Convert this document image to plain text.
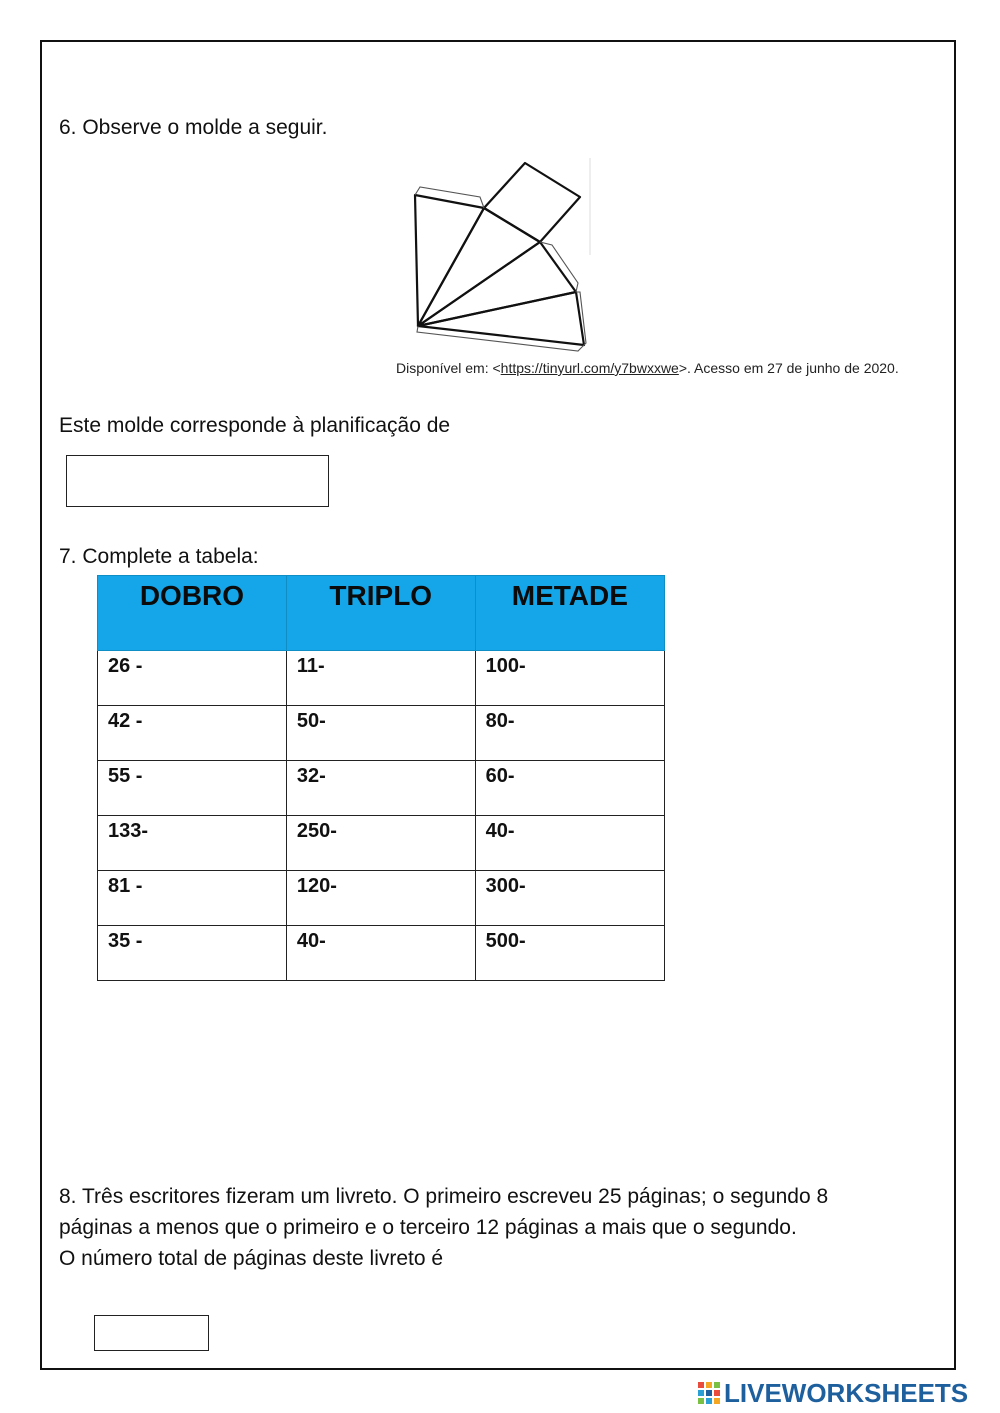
6. Observe o molde a seguir.

Disponível em: <https://tinyurl.com/y7bwxxwe>. Acesso em 27 de junho de 2020.

Este molde corresponde à planificação de

7. Complete a tabela:

DOBRO	TRIPLO	METADE
26 -	11-	100-
42 -	50-	80-
55 -	32-	60-
133-	250-	40-
81 -	120-	300-
35 -	40-	500-
8. Três escritores fizeram um livreto. O primeiro escreveu 25 páginas; o segundo 8
páginas a menos que o primeiro e o terceiro 12 páginas a mais que o segundo.
O número total de páginas deste livreto é
LIVEWORKSHEETS
